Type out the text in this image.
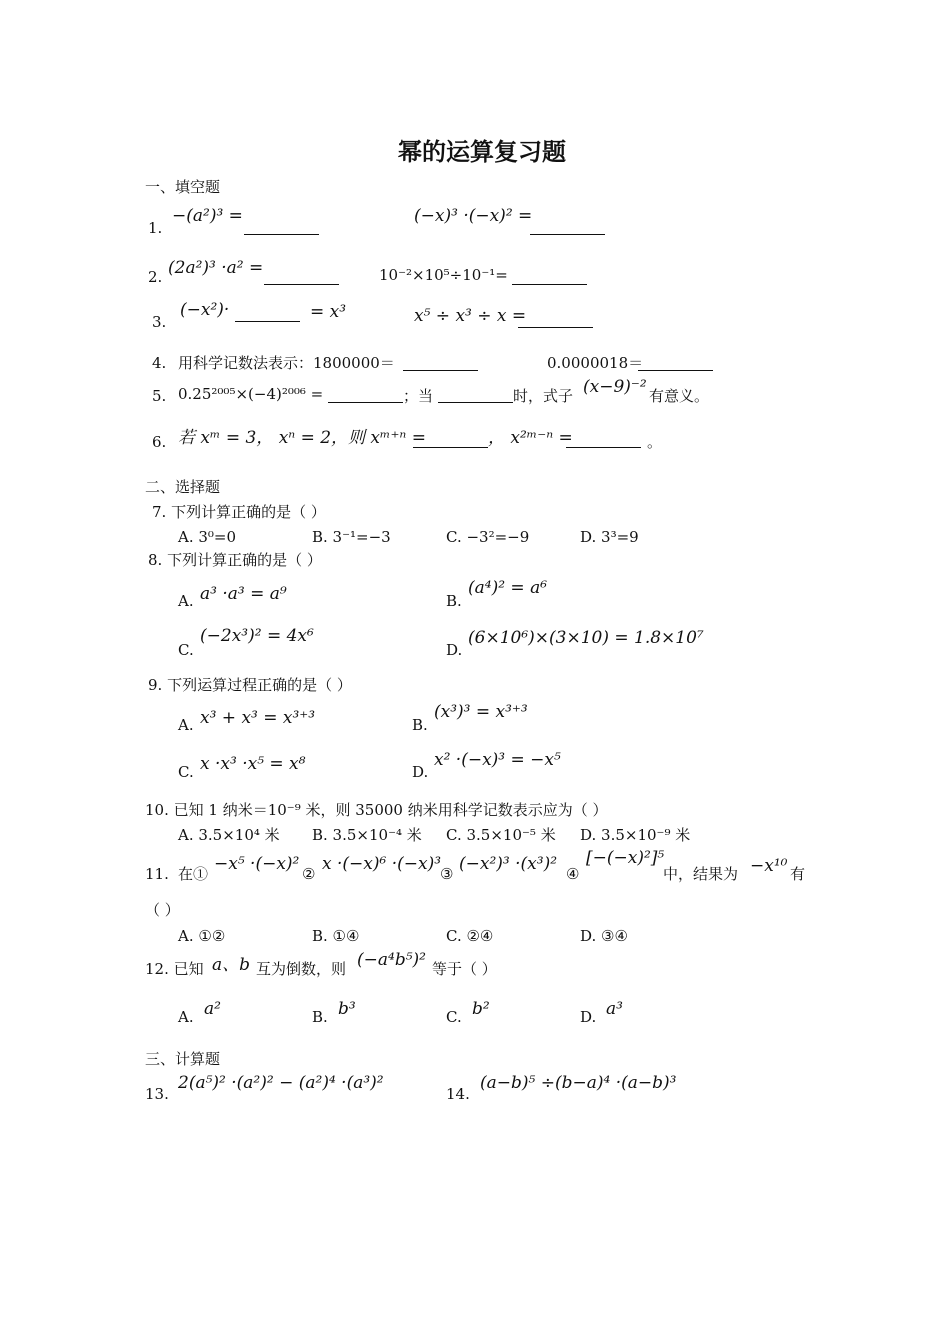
幂的运算复习题
一、填空题
1.
−(a²)³ =	(−x)³ ·(−x)² =
2. (2a²)³ ·a² =	10⁻²×10⁵÷10⁻¹=
3.
(−x²)·	= x³	x⁵ ÷ x³ ÷ x =
4. 用科学记数法表示：1800000＝	0.0000018＝
5. 0.25²⁰⁰⁵×(−4)²⁰⁰⁶ =	；当	时，式子 (x−9)⁻² 有意义。
6. 若 xᵐ = 3， xⁿ = 2，则 xᵐ⁺ⁿ =	， x²ᵐ⁻ⁿ =	。
二、选择题
7. 下列计算正确的是（ ）
A. 3⁰=0	B. 3⁻¹=−3	C. −3²=−9	D. 3³=9
8. 下列计算正确的是（ ）
A. a³ ·a³ = a⁹	B.
(a⁴)² = a⁶
C.
(−2x³)² = 4x⁶
D.
(6×10⁶)×(3×10) = 1.8×10⁷
9. 下列运算过程正确的是（ ）
A. x³ + x³ = x³⁺³	B.
(x³)³ = x³⁺³
C. x ·x³ ·x⁵ = x⁸	D.
x² ·(−x)³ = −x⁵
10. 已知 1 纳米＝10⁻⁹ 米，则 35000 纳米用科学记数表示应为（ ）
A. 3.5×10⁴ 米 B. 3.5×10⁻⁴ 米 C. 3.5×10⁻⁵ 米 D. 3.5×10⁻⁹ 米
11. 在① −x⁵ ·(−x)² ② x ·(−x)⁶ ·(−x)³
③ (−x²)³ ·(x³)² ④
[−(−x)²]⁵
中，结果为 −x¹⁰ 有
（ ）
A. ①②	B. ①④	C. ②④	D. ③④
12. 已知 a、b 互为倒数，则 (−a⁴b⁵)² 等于（ ）
A. a²	B. b³	C. b²	D. a³
三、计算题
13.
2(a⁵)² ·(a²)² − (a²)⁴ ·(a³)²
14.
(a−b)⁵ ÷(b−a)⁴ ·(a−b)³
